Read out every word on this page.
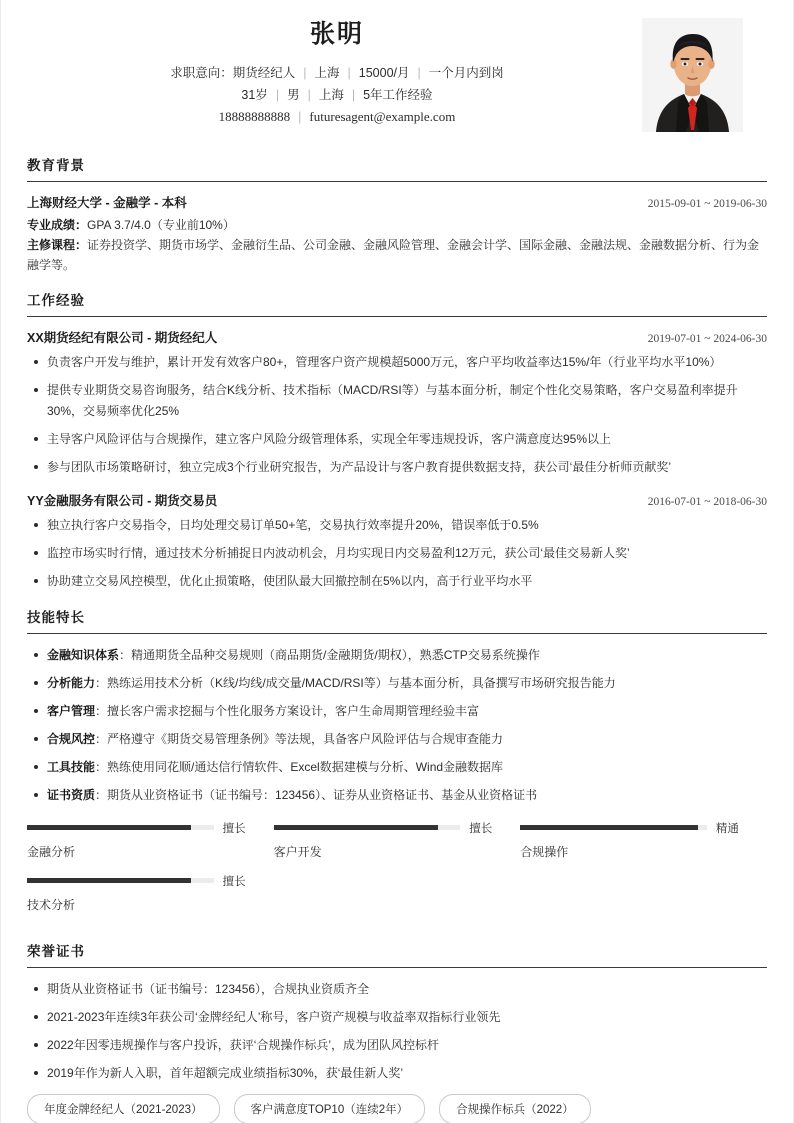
张明
求职意向：期货经纪人 | 上海 | 15000/月 | 一个月内到岗
31岁 | 男 | 上海 | 5年工作经验
18888888888 | futuresagent@example.com
教育背景
上海财经大学 - 金融学 - 本科	2015-09-01 ~ 2019-06-30
专业成绩：GPA 3.7/4.0（专业前10%）
主修课程：证券投资学、期货市场学、金融衍生品、公司金融、金融风险管理、金融会计学、国际金融、金融法规、金融数据分析、行为金融学等。
工作经验
XX期货经纪有限公司 - 期货经纪人	2019-07-01 ~ 2024-06-30
负责客户开发与维护，累计开发有效客户80+，管理客户资产规模超5000万元，客户平均收益率达15%/年（行业平均水平10%）
提供专业期货交易咨询服务，结合K线分析、技术指标（MACD/RSI等）与基本面分析，制定个性化交易策略，客户交易盈利率提升30%，交易频率优化25%
主导客户风险评估与合规操作，建立客户风险分级管理体系，实现全年零违规投诉，客户满意度达95%以上
参与团队市场策略研讨，独立完成3个行业研究报告，为产品设计与客户教育提供数据支持，获公司‘最佳分析师贡献奖’
YY金融服务有限公司 - 期货交易员	2016-07-01 ~ 2018-06-30
独立执行客户交易指令，日均处理交易订单50+笔，交易执行效率提升20%，错误率低于0.5%
监控市场实时行情，通过技术分析捕捉日内波动机会，月均实现日内交易盈利12万元，获公司‘最佳交易新人奖’
协助建立交易风控模型，优化止损策略，使团队最大回撤控制在5%以内，高于行业平均水平
技能特长
金融知识体系：精通期货全品种交易规则（商品期货/金融期货/期权），熟悉CTP交易系统操作
分析能力：熟练运用技术分析（K线/均线/成交量/MACD/RSI等）与基本面分析，具备撰写市场研究报告能力
客户管理：擅长客户需求挖掘与个性化服务方案设计，客户生命周期管理经验丰富
合规风控：严格遵守《期货交易管理条例》等法规，具备客户风险评估与合规审查能力
工具技能：熟练使用同花顺/通达信行情软件、Excel数据建模与分析、Wind金融数据库
证书资质：期货从业资格证书（证书编号：123456）、证券从业资格证书、基金从业资格证书
擅长
金融分析
擅长
客户开发
精通
合规操作
擅长
技术分析
荣誉证书
期货从业资格证书（证书编号：123456），合规执业资质齐全
2021-2023年连续3年获公司‘金牌经纪人’称号，客户资产规模与收益率双指标行业领先
2022年因零违规操作与客户投诉，获评‘合规操作标兵’，成为团队风控标杆
2019年作为新人入职，首年超额完成业绩指标30%，获‘最佳新人奖’
年度金牌经纪人（2021-2023）	客户满意度TOP10（连续2年）	合规操作标兵（2022）
